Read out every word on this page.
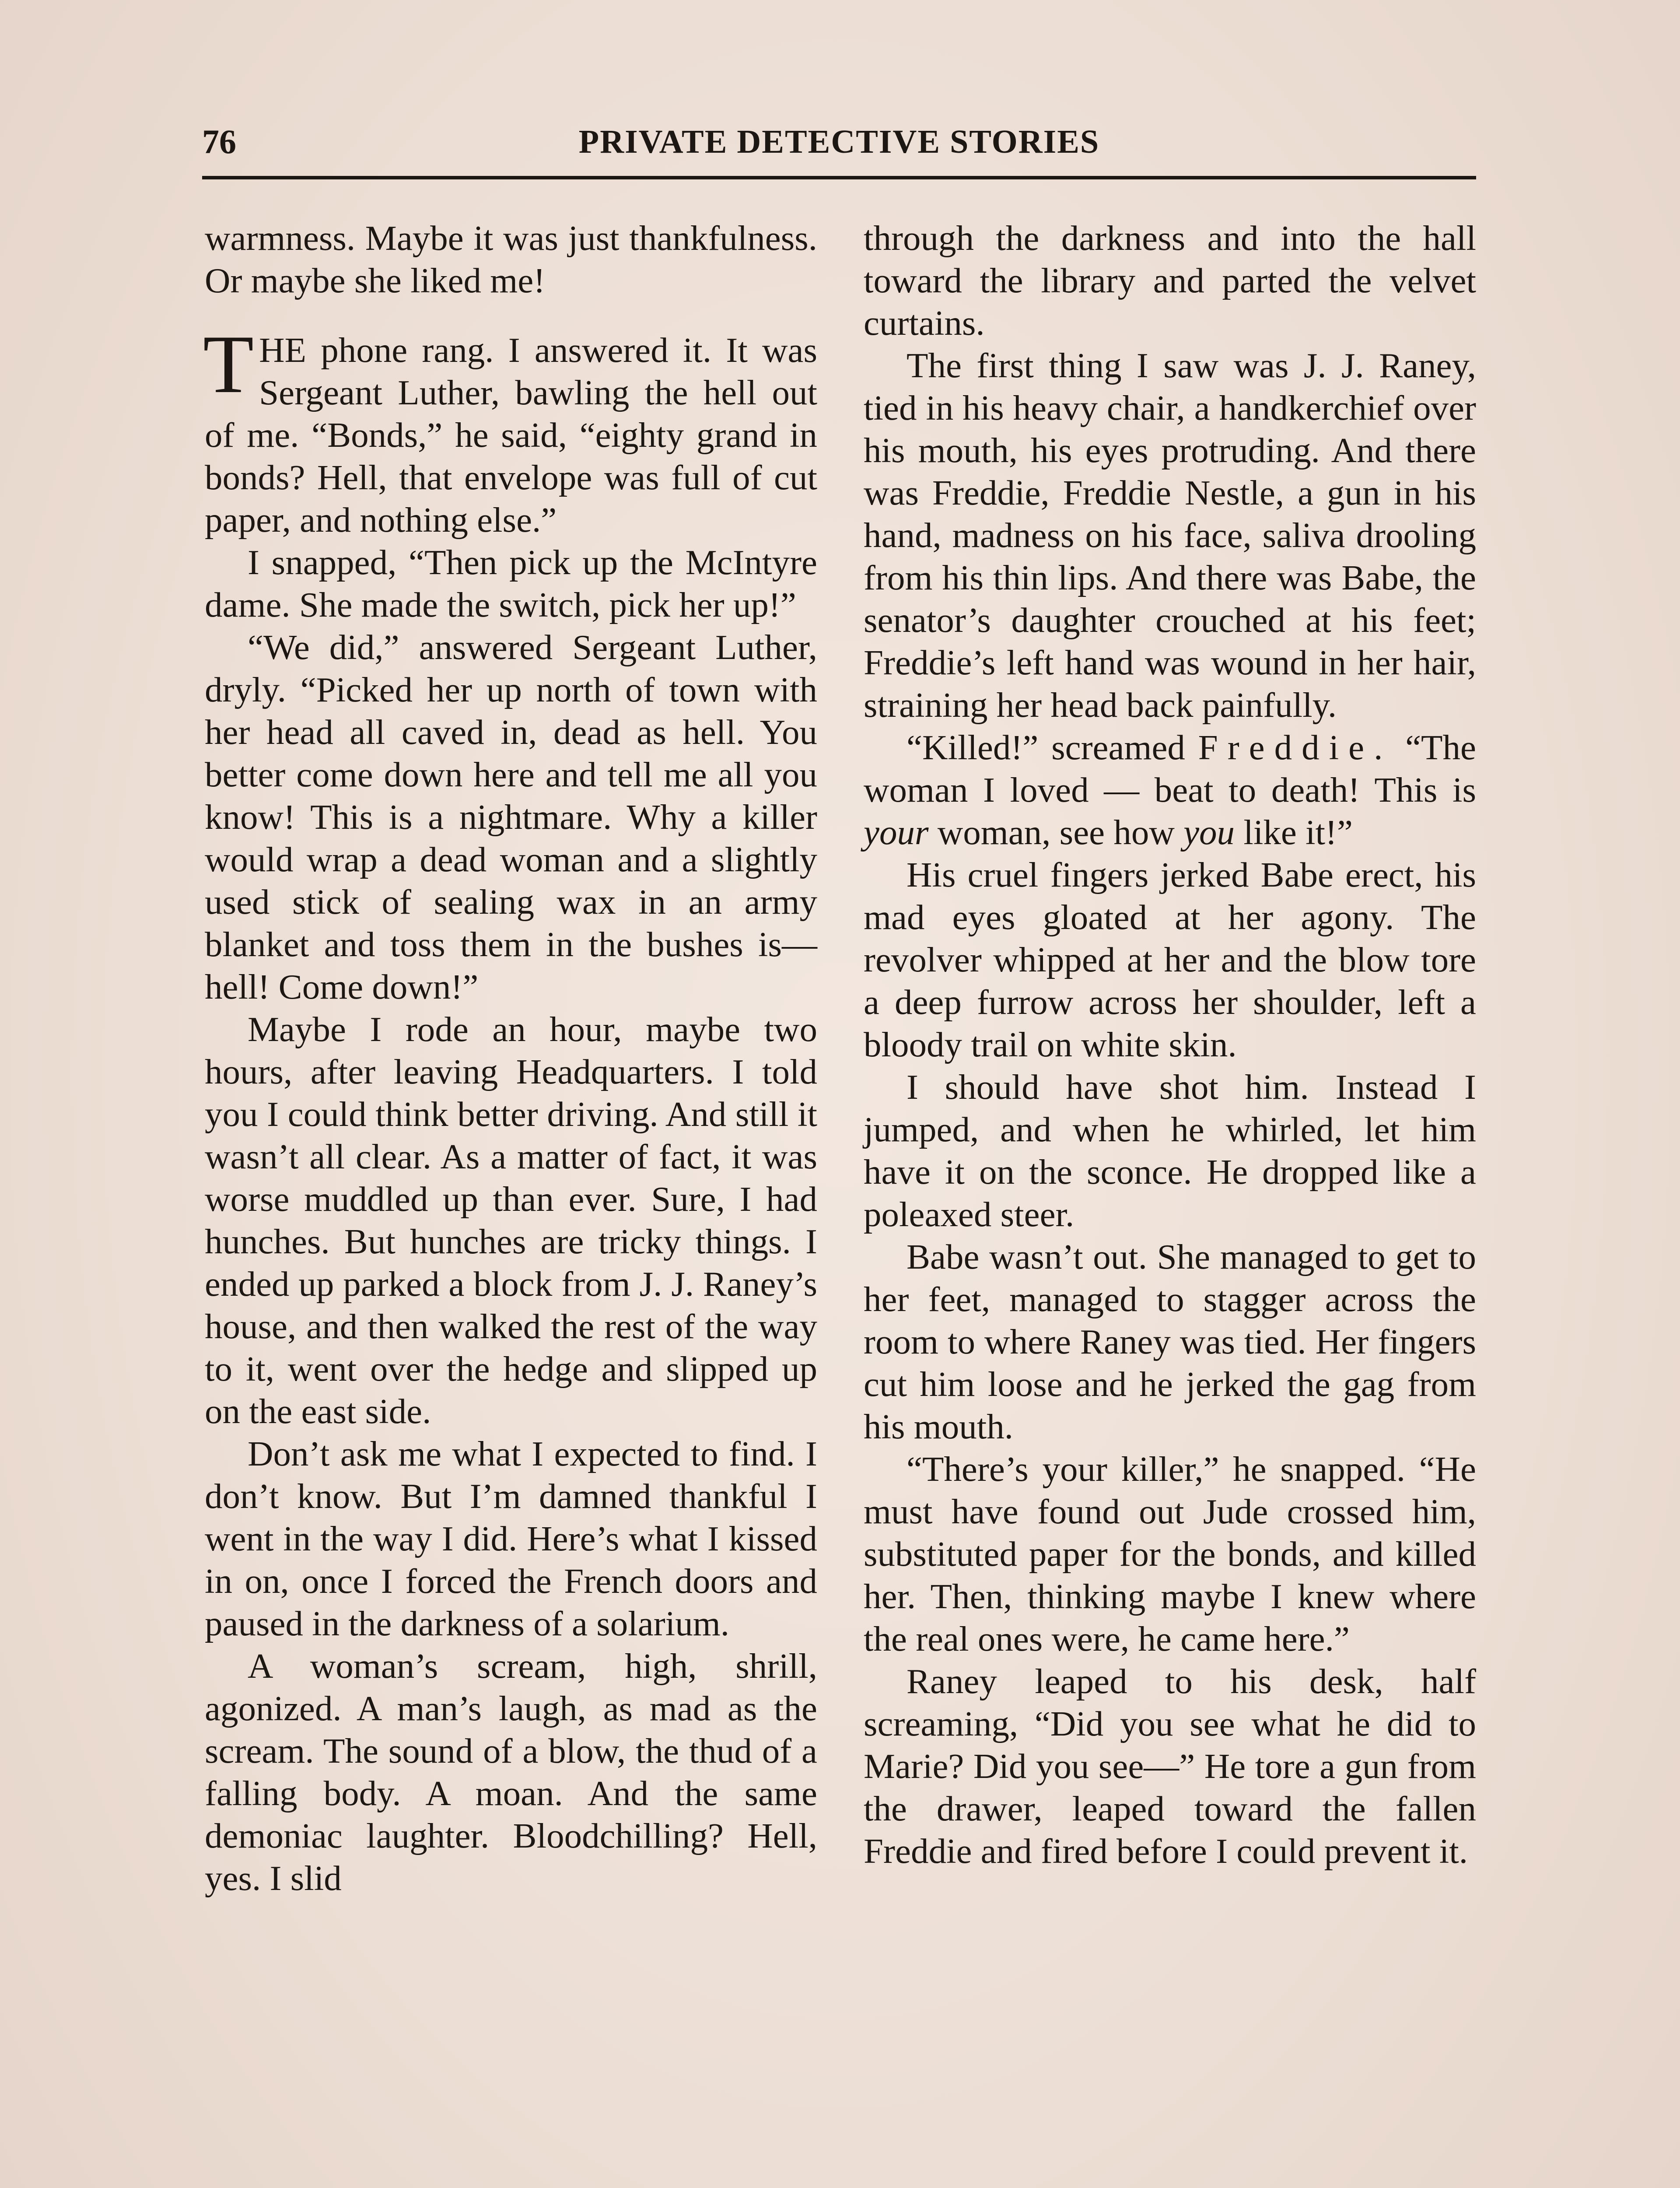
76	PRIVATE DETECTIVE STORIES

warmness. Maybe it was just thankfulness. Or maybe she liked me!

THE phone rang. I answered it. It was Sergeant Luther, bawling the hell out of me. “Bonds,” he said, “eighty grand in bonds? Hell, that envelope was full of cut paper, and nothing else.”

I snapped, “Then pick up the McIntyre dame. She made the switch, pick her up!”

“We did,” answered Sergeant Luther, dryly. “Picked her up north of town with her head all caved in, dead as hell. You better come down here and tell me all you know! This is a nightmare. Why a killer would wrap a dead woman and a slightly used stick of sealing wax in an army blanket and toss them in the bushes is—hell! Come down!”

Maybe I rode an hour, maybe two hours, after leaving Headquarters. I told you I could think better driving. And still it wasn’t all clear. As a matter of fact, it was worse muddled up than ever. Sure, I had hunches. But hunches are tricky things. I ended up parked a block from J. J. Raney’s house, and then walked the rest of the way to it, went over the hedge and slipped up on the east side.

Don’t ask me what I expected to find. I don’t know. But I’m damned thankful I went in the way I did. Here’s what I kissed in on, once I forced the French doors and paused in the darkness of a solarium.

A woman’s scream, high, shrill, agonized. A man’s laugh, as mad as the scream. The sound of a blow, the thud of a falling body. A moan. And the same demoniac laughter. Bloodchilling? Hell, yes. I slid

through the darkness and into the hall toward the library and parted the velvet curtains.

The first thing I saw was J. J. Raney, tied in his heavy chair, a handkerchief over his mouth, his eyes protruding. And there was Freddie, Freddie Nestle, a gun in his hand, madness on his face, saliva drooling from his thin lips. And there was Babe, the senator’s daughter crouched at his feet; Freddie’s left hand was wound in her hair, straining her head back painfully.

“Killed!” screamed Freddie. “The woman I loved — beat to death! This is your woman, see how you like it!”

His cruel fingers jerked Babe erect, his mad eyes gloated at her agony. The revolver whipped at her and the blow tore a deep furrow across her shoulder, left a bloody trail on white skin.

I should have shot him. Instead I jumped, and when he whirled, let him have it on the sconce. He dropped like a poleaxed steer.

Babe wasn’t out. She managed to get to her feet, managed to stagger across the room to where Raney was tied. Her fingers cut him loose and he jerked the gag from his mouth.

“There’s your killer,” he snapped. “He must have found out Jude crossed him, substituted paper for the bonds, and killed her. Then, thinking maybe I knew where the real ones were, he came here.”

Raney leaped to his desk, half screaming, “Did you see what he did to Marie? Did you see—” He tore a gun from the drawer, leaped toward the fallen Freddie and fired before I could prevent it.
